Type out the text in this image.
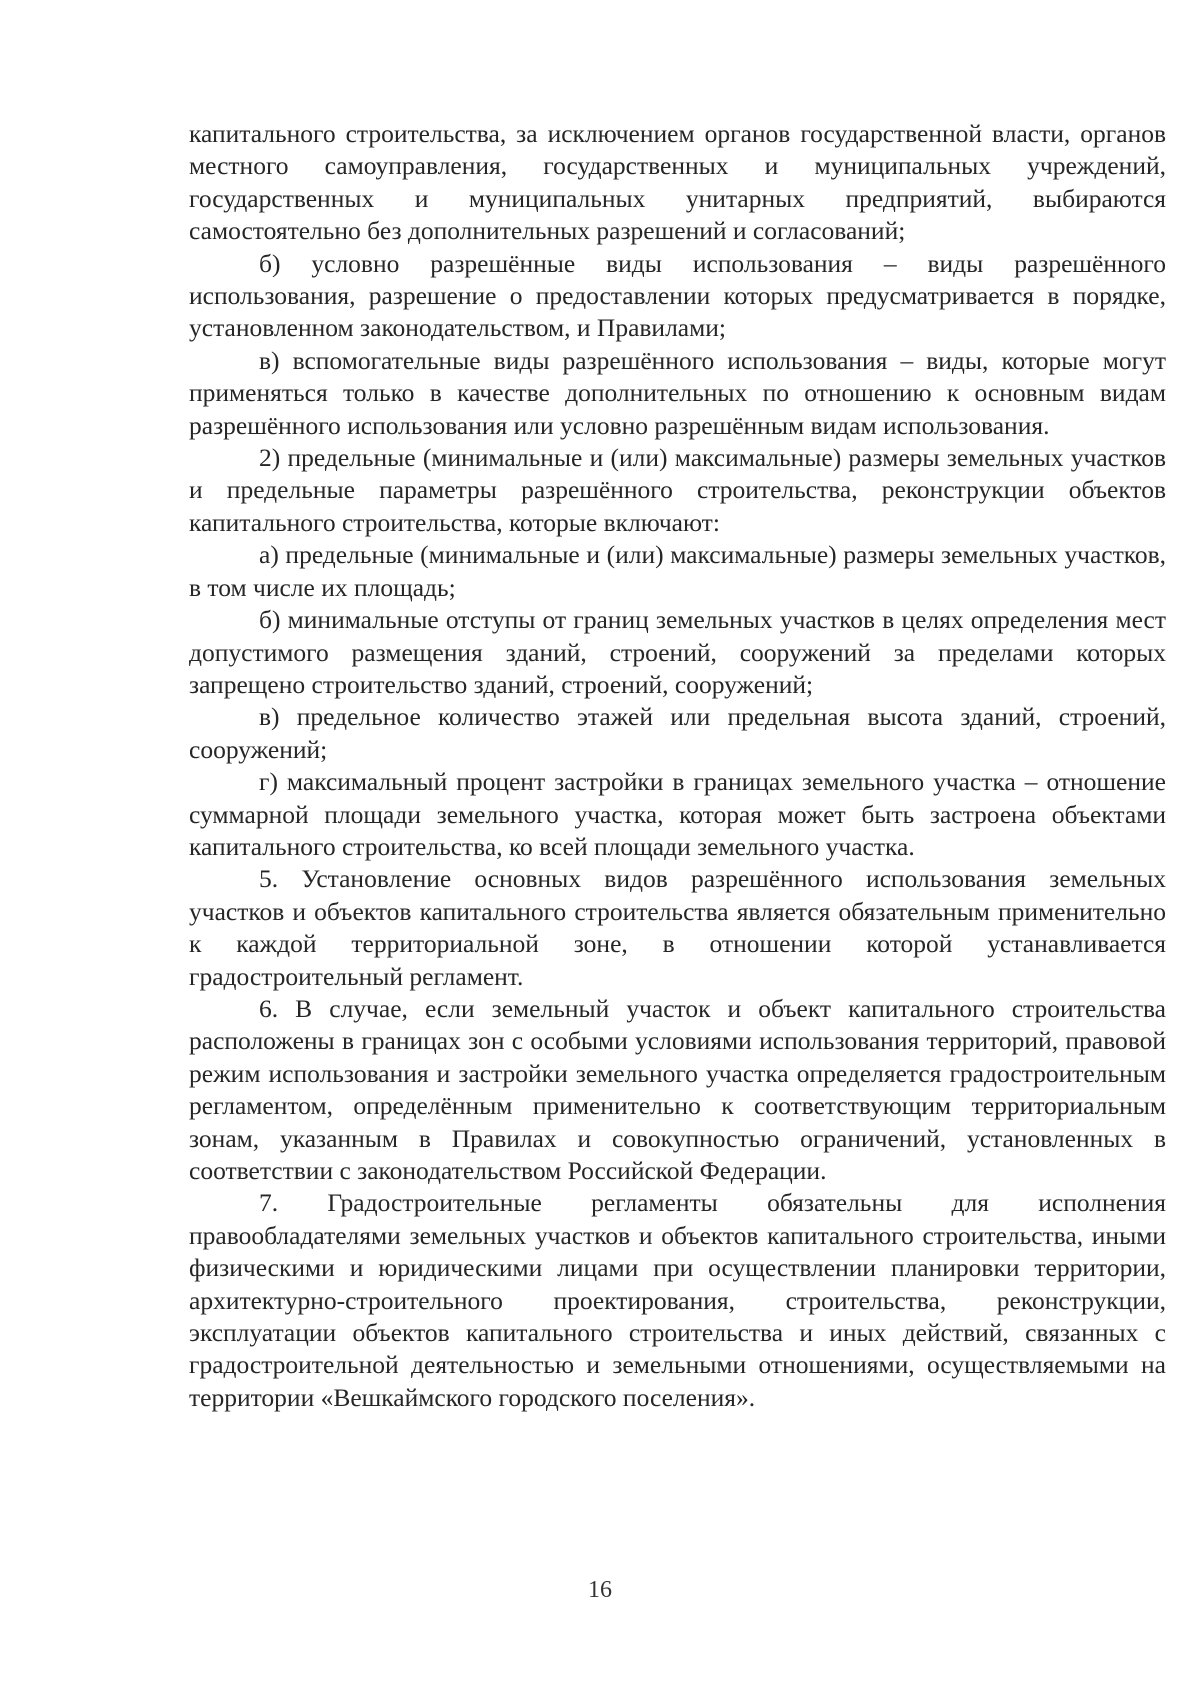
капитального строительства, за исключением органов государственной власти, органов местного самоуправления, государственных и муниципальных учреждений, государственных и муниципальных унитарных предприятий, выбираются самостоятельно без дополнительных разрешений и согласований;

б) условно разрешённые виды использования – виды разрешённого использования, разрешение о предоставлении которых предусматривается в порядке, установленном законодательством, и Правилами;

в) вспомогательные виды разрешённого использования – виды, которые могут применяться только в качестве дополнительных по отношению к основным видам разрешённого использования или условно разрешённым видам использования.

2) предельные (минимальные и (или) максимальные) размеры земельных участков и предельные параметры разрешённого строительства, реконструкции объектов капитального строительства, которые включают:

а) предельные (минимальные и (или) максимальные) размеры земельных участков, в том числе их площадь;

б) минимальные отступы от границ земельных участков в целях определения мест допустимого размещения зданий, строений, сооружений за пределами которых запрещено строительство зданий, строений, сооружений;

в) предельное количество этажей или предельная высота зданий, строений, сооружений;

г) максимальный процент застройки в границах земельного участка – отношение суммарной площади земельного участка, которая может быть застроена объектами капитального строительства, ко всей площади земельного участка.

5. Установление основных видов разрешённого использования земельных участков и объектов капитального строительства является обязательным применительно к каждой территориальной зоне, в отношении которой устанавливается градостроительный регламент.

6. В случае, если земельный участок и объект капитального строительства расположены в границах зон с особыми условиями использования территорий, правовой режим использования и застройки земельного участка определяется градостроительным регламентом, определённым применительно к соответствующим территориальным зонам, указанным в Правилах и совокупностью ограничений, установленных в соответствии с законодательством Российской Федерации.

7. Градостроительные регламенты обязательны для исполнения правообладателями земельных участков и объектов капитального строительства, иными физическими и юридическими лицами при осуществлении планировки территории, архитектурно-строительного проектирования, строительства, реконструкции, эксплуатации объектов капитального строительства и иных действий, связанных с градостроительной деятельностью и земельными отношениями, осуществляемыми на территории «Вешкаймского городского поселения».

16
